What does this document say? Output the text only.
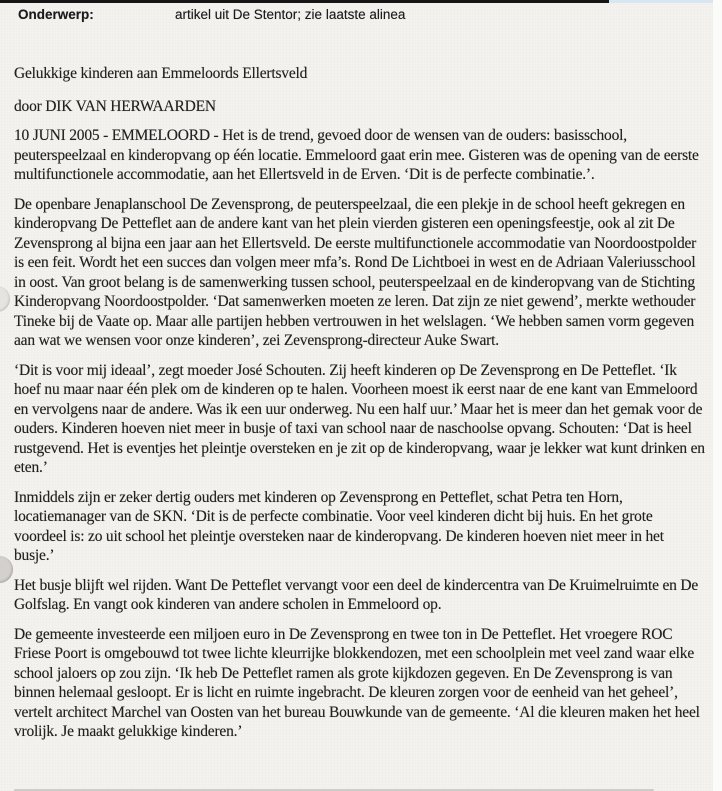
Onderwerp:	artikel uit De Stentor; zie laatste alinea

Gelukkige kinderen aan Emmeloords Ellertsveld

door DIK VAN HERWAARDEN

10 JUNI 2005 - EMMELOORD - Het is de trend, gevoed door de wensen van de ouders: basisschool, peuterspeelzaal en kinderopvang op één locatie. Emmeloord gaat erin mee. Gisteren was de opening van de eerste multifunctionele accommodatie, aan het Ellertsveld in de Erven. ‘Dit is de perfecte combinatie.’.

De openbare Jenaplanschool De Zevensprong, de peuterspeelzaal, die een plekje in de school heeft gekregen en kinderopvang De Petteflet aan de andere kant van het plein vierden gisteren een openingsfeestje, ook al zit De Zevensprong al bijna een jaar aan het Ellertsveld. De eerste multifunctionele accommodatie van Noordoostpolder is een feit. Wordt het een succes dan volgen meer mfa’s. Rond De Lichtboei in west en de Adriaan Valeriusschool in oost. Van groot belang is de samenwerking tussen school, peuterspeelzaal en de kinderopvang van de Stichting Kinderopvang Noordoostpolder. ‘Dat samenwerken moeten ze leren. Dat zijn ze niet gewend’, merkte wethouder Tineke bij de Vaate op. Maar alle partijen hebben vertrouwen in het welslagen. ‘We hebben samen vorm gegeven aan wat we wensen voor onze kinderen’, zei Zevensprong-directeur Auke Swart.

‘Dit is voor mij ideaal’, zegt moeder José Schouten. Zij heeft kinderen op De Zevensprong en De Petteflet. ‘Ik hoef nu maar naar één plek om de kinderen op te halen. Voorheen moest ik eerst naar de ene kant van Emmeloord en vervolgens naar de andere. Was ik een uur onderweg. Nu een half uur.’ Maar het is meer dan het gemak voor de ouders. Kinderen hoeven niet meer in busje of taxi van school naar de naschoolse opvang. Schouten: ‘Dat is heel rustgevend. Het is eventjes het pleintje oversteken en je zit op de kinderopvang, waar je lekker wat kunt drinken en eten.’

Inmiddels zijn er zeker dertig ouders met kinderen op Zevensprong en Petteflet, schat Petra ten Horn, locatiemanager van de SKN. ‘Dit is de perfecte combinatie. Voor veel kinderen dicht bij huis. En het grote voordeel is: zo uit school het pleintje oversteken naar de kinderopvang. De kinderen hoeven niet meer in het busje.’

Het busje blijft wel rijden. Want De Petteflet vervangt voor een deel de kindercentra van De Kruimelruimte en De Golfslag. En vangt ook kinderen van andere scholen in Emmeloord op.

De gemeente investeerde een miljoen euro in De Zevensprong en twee ton in De Petteflet. Het vroegere ROC Friese Poort is omgebouwd tot twee lichte kleurrijke blokkendozen, met een schoolplein met veel zand waar elke school jaloers op zou zijn. ‘Ik heb De Petteflet ramen als grote kijkdozen gegeven. En De Zevensprong is van binnen helemaal gesloopt. Er is licht en ruimte ingebracht. De kleuren zorgen voor de eenheid van het geheel’, vertelt architect Marchel van Oosten van het bureau Bouwkunde van de gemeente. ‘Al die kleuren maken het heel vrolijk. Je maakt gelukkige kinderen.’
